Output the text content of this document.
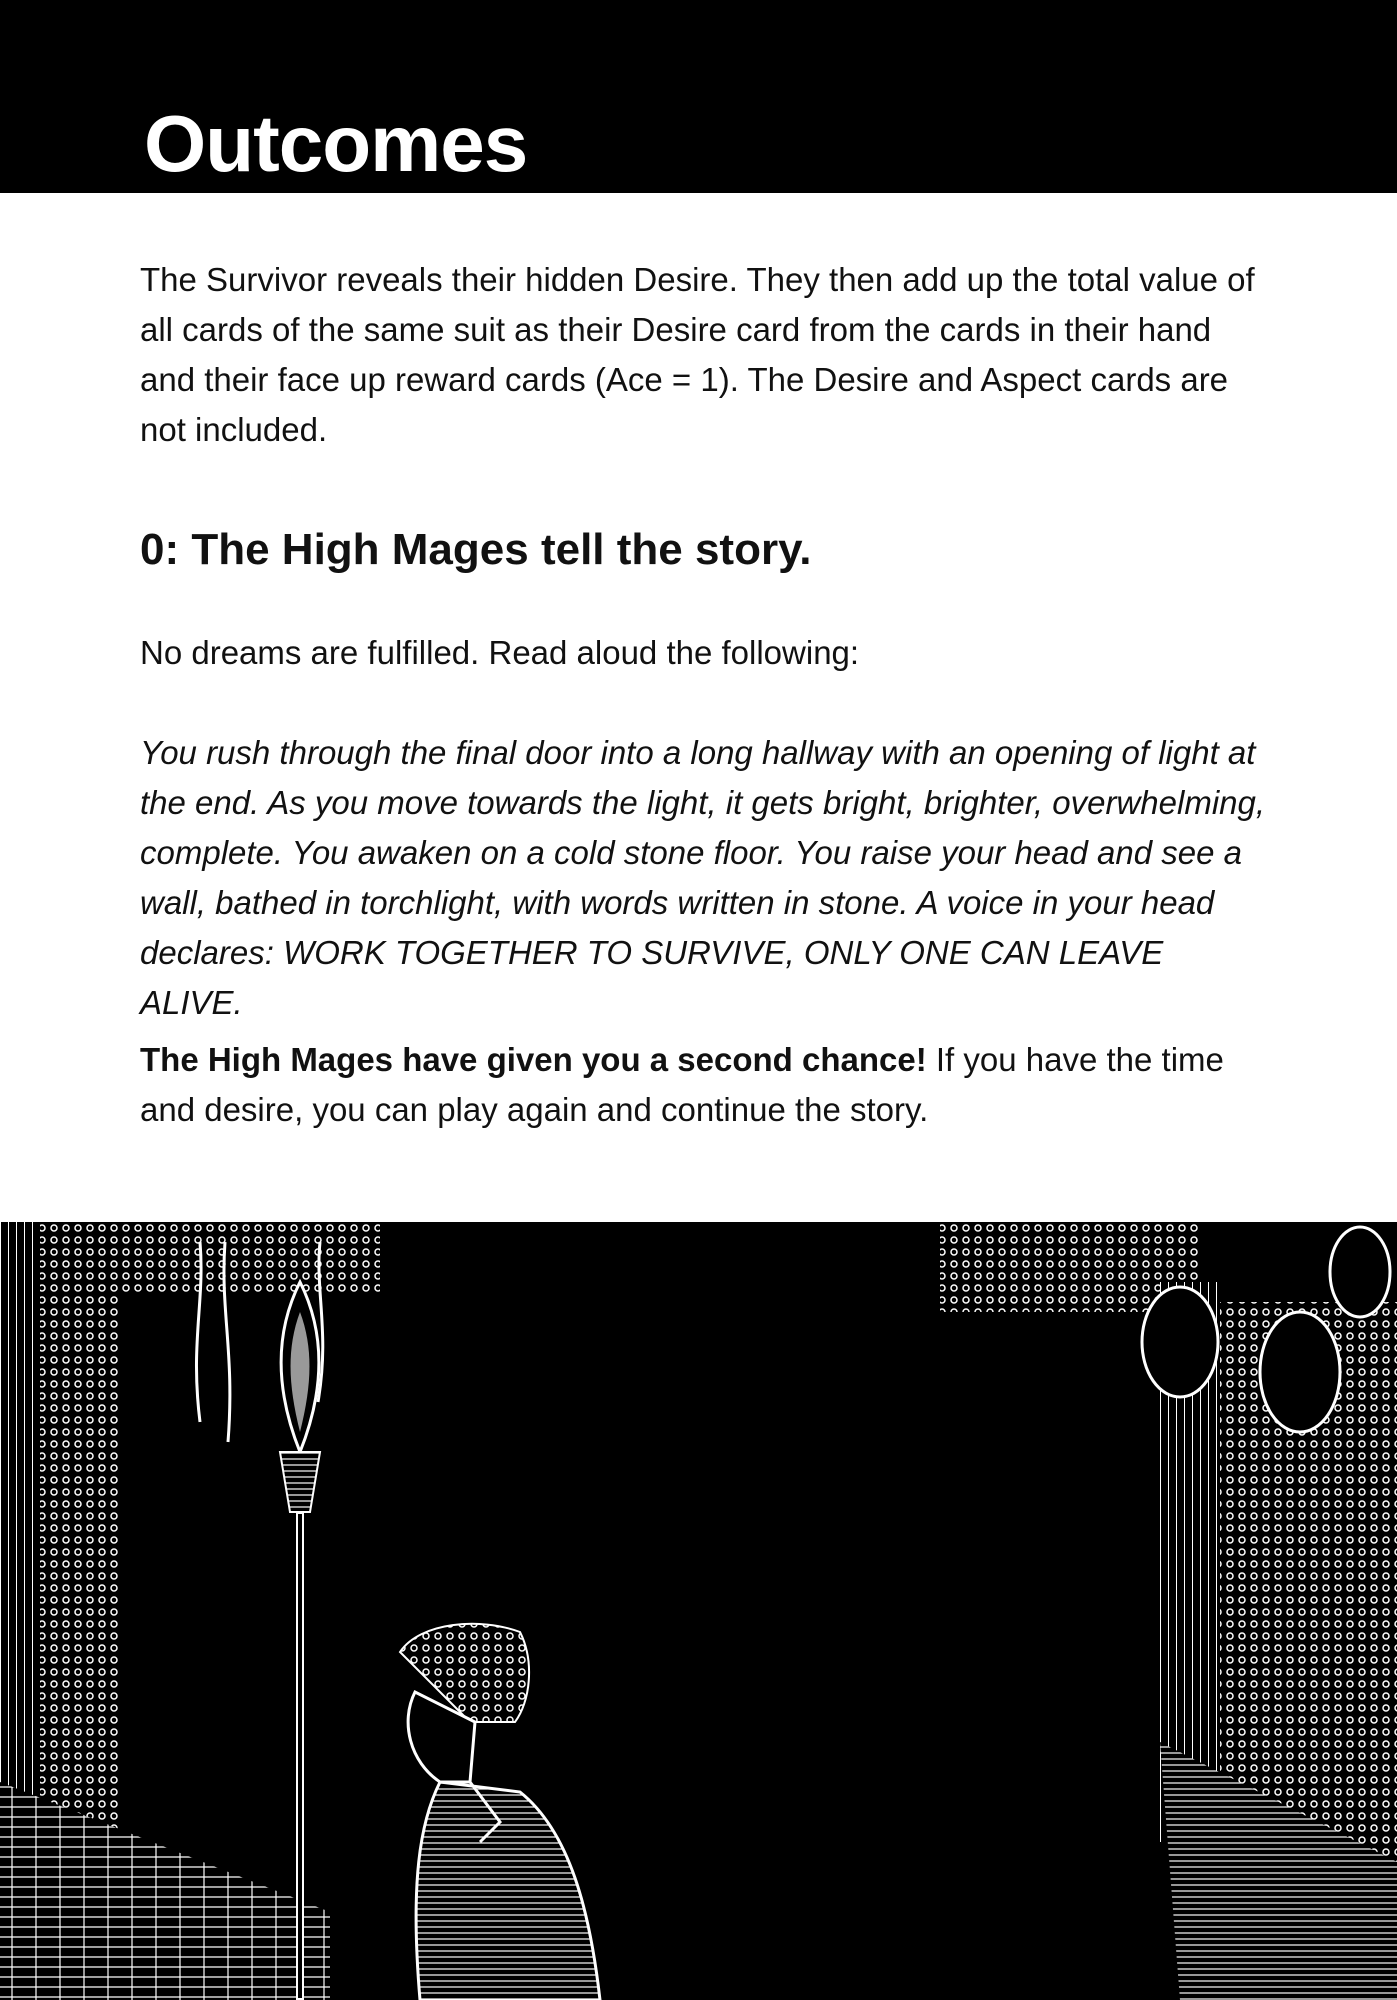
Outcomes

The Survivor reveals their hidden Desire. They then add up the total value of all cards of the same suit as their Desire card from the cards in their hand and their face up reward cards (Ace = 1). The Desire and Aspect cards are not included.

0: The High Mages tell the story.

No dreams are fulfilled. Read aloud the following:

You rush through the final door into a long hallway with an opening of light at the end. As you move towards the light, it gets bright, brighter, overwhelming, complete. You awaken on a cold stone floor. You raise your head and see a wall, bathed in torchlight, with words written in stone. A voice in your head declares: WORK TOGETHER TO SURVIVE, ONLY ONE CAN LEAVE ALIVE.

The High Mages have given you a second chance! If you have the time and desire, you can play again and continue the story.
